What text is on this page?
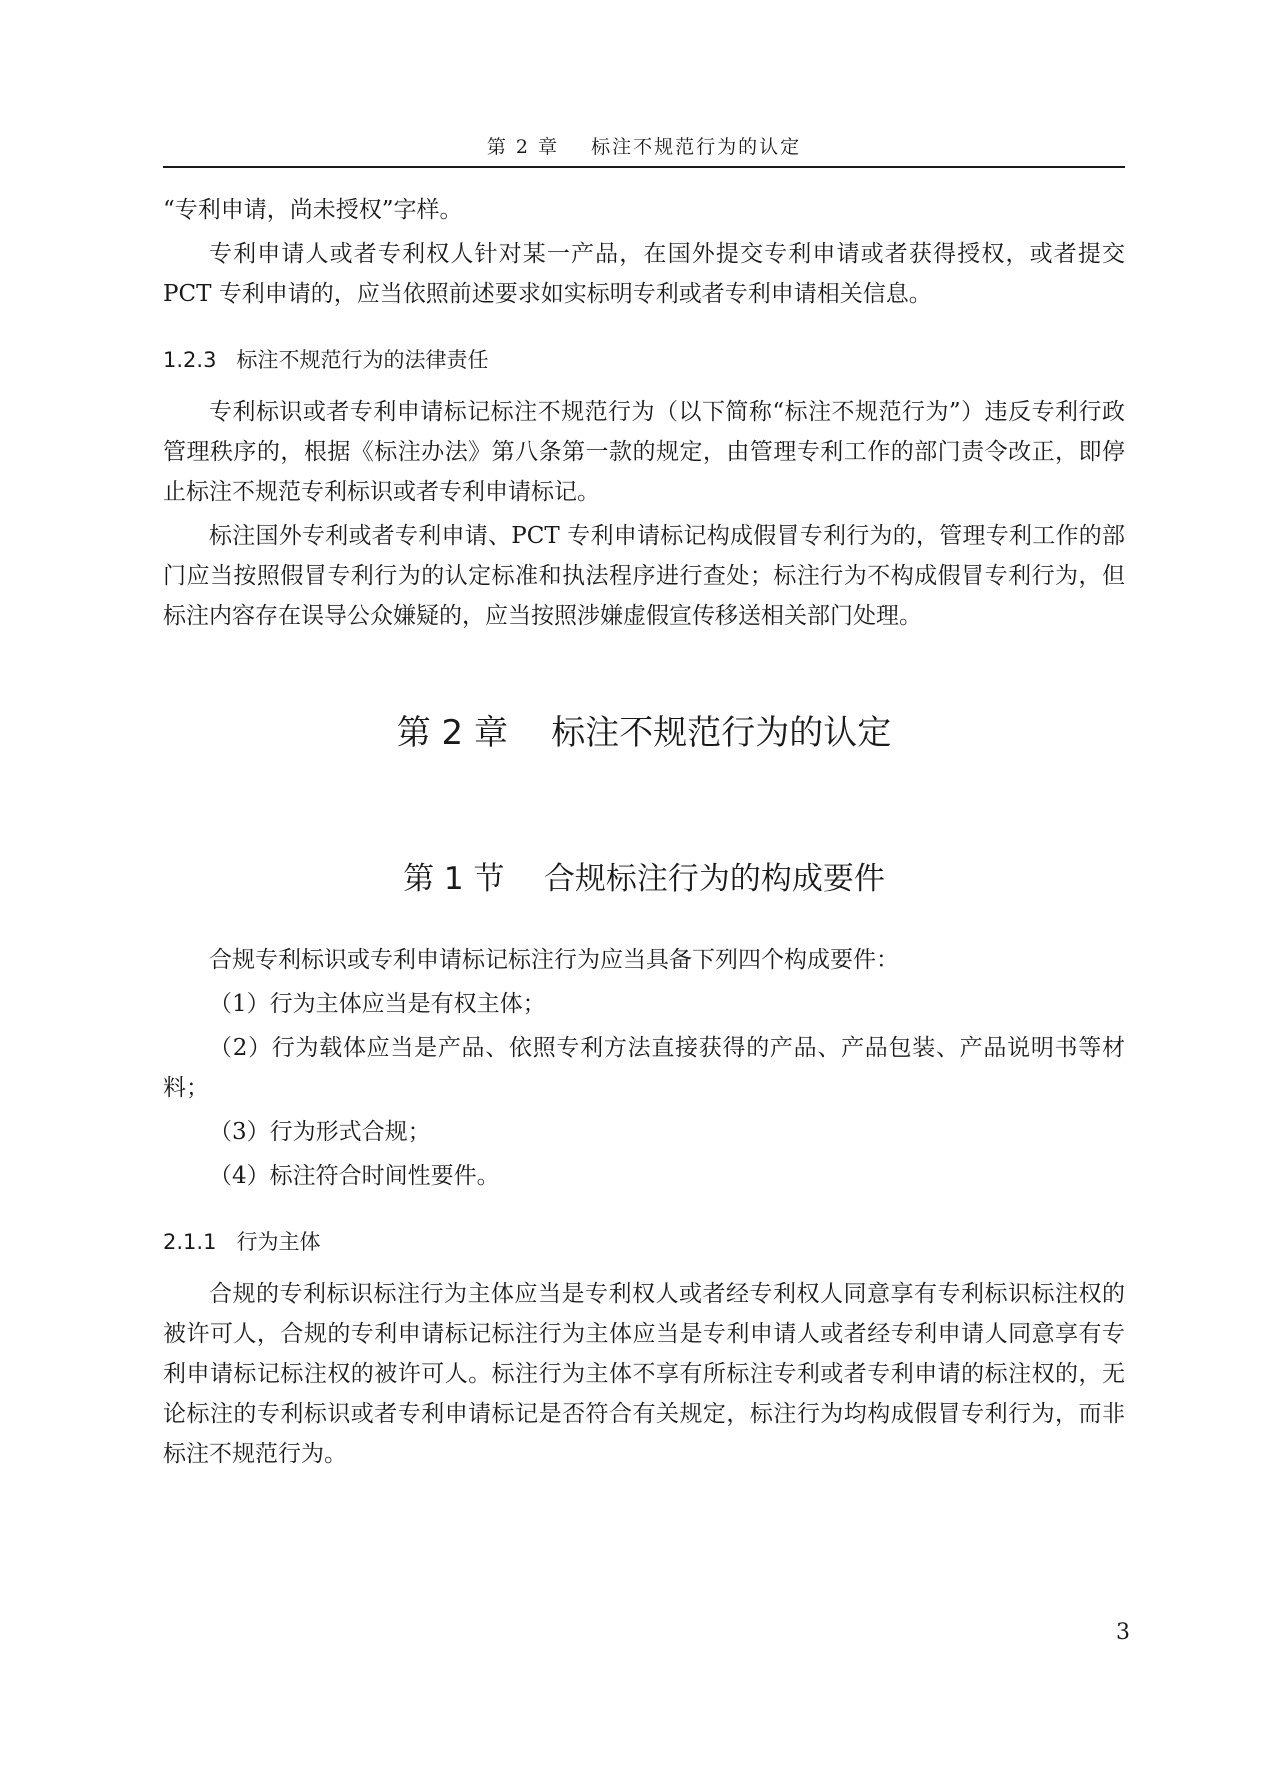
第 2 章    标注不规范行为的认定

“专利申请，尚未授权”字样。

专利申请人或者专利权人针对某一产品，在国外提交专利申请或者获得授权，或者提交 PCT 专利申请的，应当依照前述要求如实标明专利或者专利申请相关信息。

1.2.3   标注不规范行为的法律责任

专利标识或者专利申请标记标注不规范行为（以下简称“标注不规范行为”）违反专利行政管理秩序的，根据《标注办法》第八条第一款的规定，由管理专利工作的部门责令改正，即停止标注不规范专利标识或者专利申请标记。

标注国外专利或者专利申请、PCT 专利申请标记构成假冒专利行为的，管理专利工作的部门应当按照假冒专利行为的认定标准和执法程序进行查处；标注行为不构成假冒专利行为，但标注内容存在误导公众嫌疑的，应当按照涉嫌虚假宣传移送相关部门处理。

第 2 章    标注不规范行为的认定
第 1 节    合规标注行为的构成要件

合规专利标识或专利申请标记标注行为应当具备下列四个构成要件：

（1）行为主体应当是有权主体；

（2）行为载体应当是产品、依照专利方法直接获得的产品、产品包装、产品说明书等材料；

（3）行为形式合规；

（4）标注符合时间性要件。

2.1.1   行为主体

合规的专利标识标注行为主体应当是专利权人或者经专利权人同意享有专利标识标注权的被许可人，合规的专利申请标记标注行为主体应当是专利申请人或者经专利申请人同意享有专利申请标记标注权的被许可人。标注行为主体不享有所标注专利或者专利申请的标注权的，无论标注的专利标识或者专利申请标记是否符合有关规定，标注行为均构成假冒专利行为，而非标注不规范行为。

3
